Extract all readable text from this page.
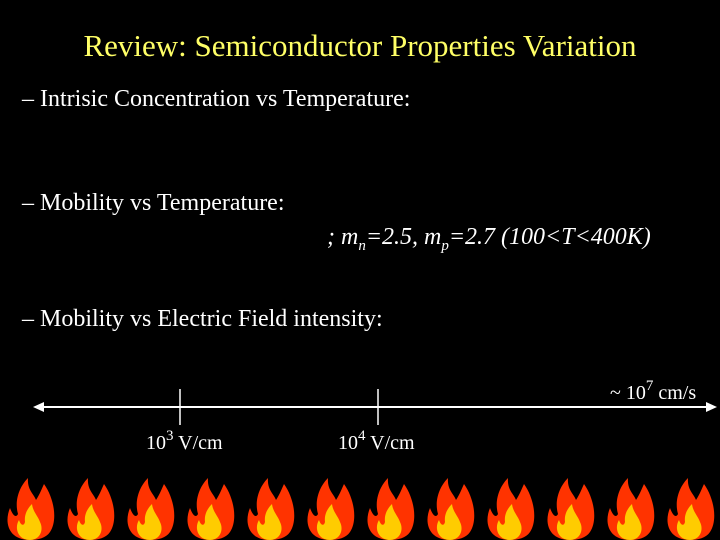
Review: Semiconductor Properties Variation
– Intrisic Concentration vs Temperature:
– Mobility vs Temperature:
; $m_n=2.5$, $m_p=2.7$ (100<T<400K)
– Mobility vs Electric Field intensity:
~ $10^7$ cm/s
$10^3$ V/cm	$10^4$ V/cm
